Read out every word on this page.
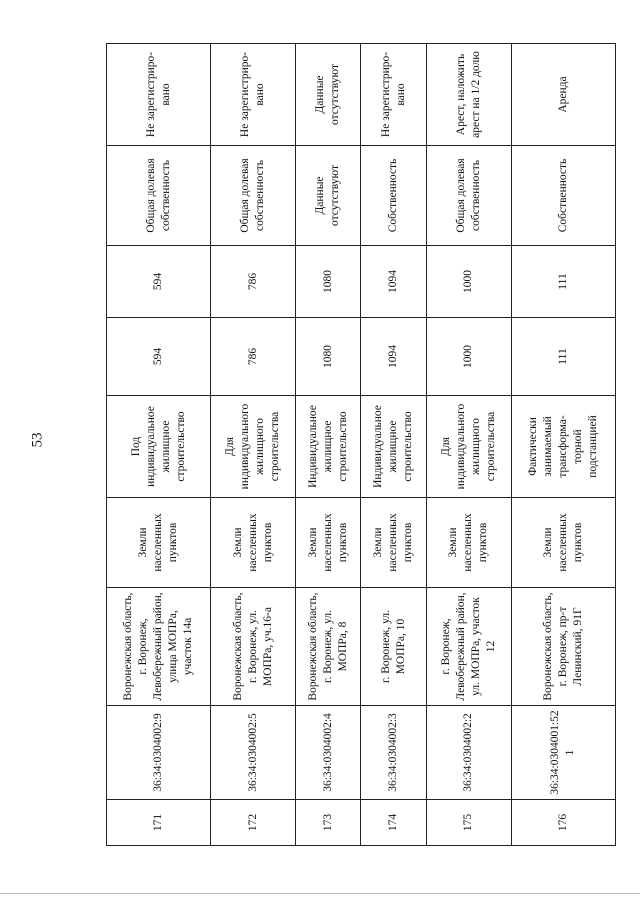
53
171	36:34:0304002:9	Воронежская область, г. Воронеж, Левобережный район, улица МОПРа, участок 14а	Земли населенных пунктов	Под индивидуальное жилищное строительство	594	594	Общая долевая собственность	Не зарегистриро-вано
172	36:34:0304002:5	Воронежская область, г. Воронеж, ул. МОПРа, уч.16-а	Земли населенных пунктов	Для индивидуального жилищного строительства	786	786	Общая долевая собственность	Не зарегистриро-вано
173	36:34:0304002:4	Воронежская область, г. Воронеж, ул. МОПРа, 8	Земли населенных пунктов	Индивидуальное жилищное строительство	1080	1080	Данные отсутствуют	Данные отсутствуют
174	36:34:0304002:3	г. Воронеж, ул. МОПРа, 10	Земли населенных пунктов	Индивидуальное жилищное строительство	1094	1094	Собственность	Не зарегистриро-вано
175	36:34:0304002:2	г. Воронеж, Левобережный район, ул. МОПРа, участок 12	Земли населенных пунктов	Для индивидуального жилищного строительства	1000	1000	Общая долевая собственность	Арест, наложить арест на 1/2 долю
176	36:34:0304001:521	Воронежская область, г. Воронеж, пр-т Ленинский, 91Г	Земли населенных пунктов	Фактически занимаемый трансформа-торной подстанцией	111	111	Собственность	Аренда
